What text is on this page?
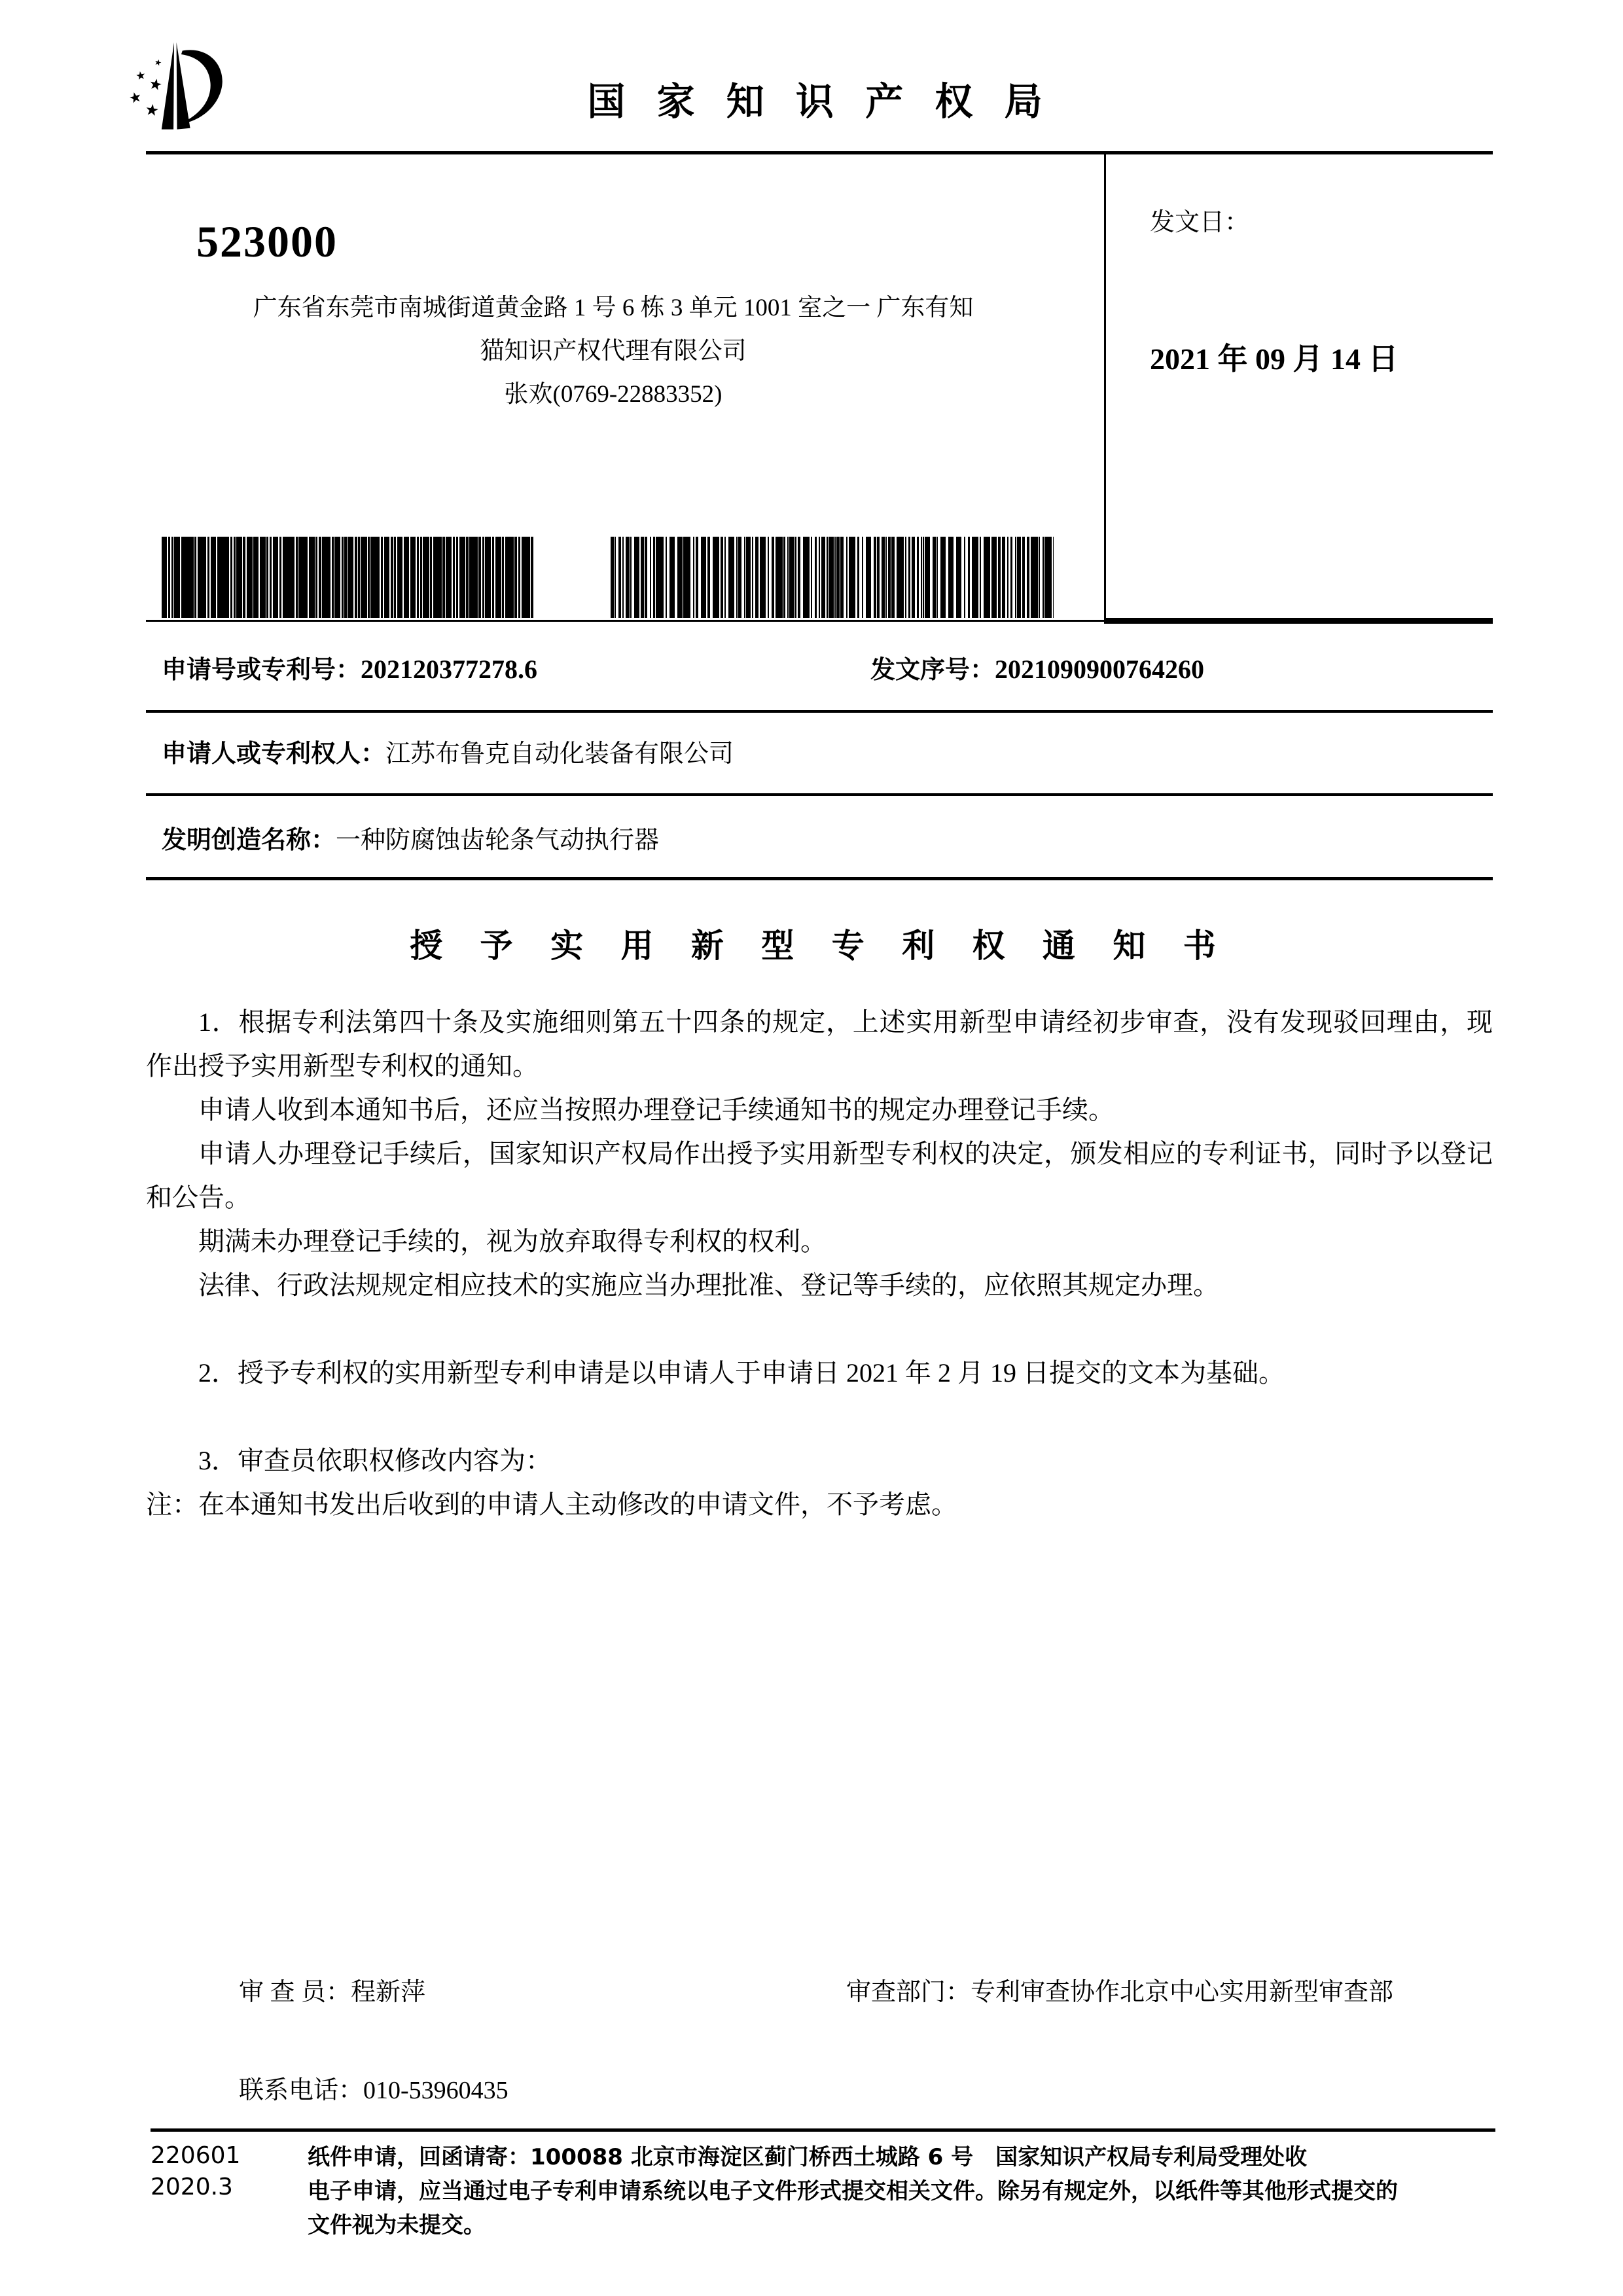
国 家 知 识 产 权 局
523000
广东省东莞市南城街道黄金路 1 号 6 栋 3 单元 1001 室之一 广东有知
猫知识产权代理有限公司
张欢(0769-22883352)
发文日：
2021 年 09 月 14 日
申请号或专利号：202120377278.6	发文序号：2021090900764260
申请人或专利权人：江苏布鲁克自动化装备有限公司
发明创造名称：一种防腐蚀齿轮条气动执行器
授 予 实 用 新 型 专 利 权 通 知 书

1．根据专利法第四十条及实施细则第五十四条的规定，上述实用新型申请经初步审查，没有发现驳回理由，现作出授予实用新型专利权的通知。

申请人收到本通知书后，还应当按照办理登记手续通知书的规定办理登记手续。

申请人办理登记手续后，国家知识产权局作出授予实用新型专利权的决定，颁发相应的专利证书，同时予以登记和公告。

期满未办理登记手续的，视为放弃取得专利权的权利。

法律、行政法规规定相应技术的实施应当办理批准、登记等手续的，应依照其规定办理。

2．授予专利权的实用新型专利申请是以申请人于申请日 2021 年 2 月 19 日提交的文本为基础。

3．审查员依职权修改内容为：

注：在本通知书发出后收到的申请人主动修改的申请文件，不予考虑。

审 查 员：程新萍	审查部门：专利审查协作北京中心实用新型审查部
联系电话：010-53960435
220601
2020.3

纸件申请，回函请寄：100088 北京市海淀区蓟门桥西土城路 6 号　国家知识产权局专利局受理处收

电子申请，应当通过电子专利申请系统以电子文件形式提交相关文件。除另有规定外，以纸件等其他形式提交的

文件视为未提交。
